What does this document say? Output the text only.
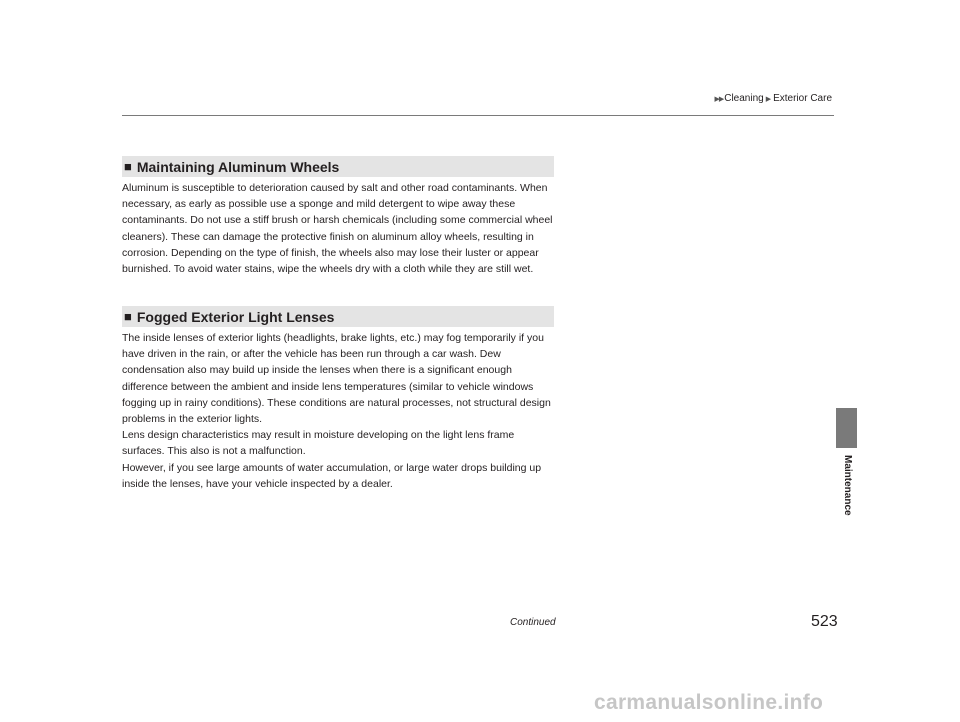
▶▶ Cleaning ▶ Exterior Care
■ Maintaining Aluminum Wheels

Aluminum is susceptible to deterioration caused by salt and other road contaminants. When necessary, as early as possible use a sponge and mild detergent to wipe away these contaminants. Do not use a stiff brush or harsh chemicals (including some commercial wheel cleaners). These can damage the protective finish on aluminum alloy wheels, resulting in corrosion. Depending on the type of finish, the wheels also may lose their luster or appear burnished. To avoid water stains, wipe the wheels dry with a cloth while they are still wet.

■ Fogged Exterior Light Lenses

The inside lenses of exterior lights (headlights, brake lights, etc.) may fog temporarily if you have driven in the rain, or after the vehicle has been run through a car wash. Dew condensation also may build up inside the lenses when there is a significant enough difference between the ambient and inside lens temperatures (similar to vehicle windows fogging up in rainy conditions). These conditions are natural processes, not structural design problems in the exterior lights.

Lens design characteristics may result in moisture developing on the light lens frame surfaces. This also is not a malfunction.

However, if you see large amounts of water accumulation, or large water drops building up inside the lenses, have your vehicle inspected by a dealer.	Maintenance
Continued	523
carmanualsonline.info
